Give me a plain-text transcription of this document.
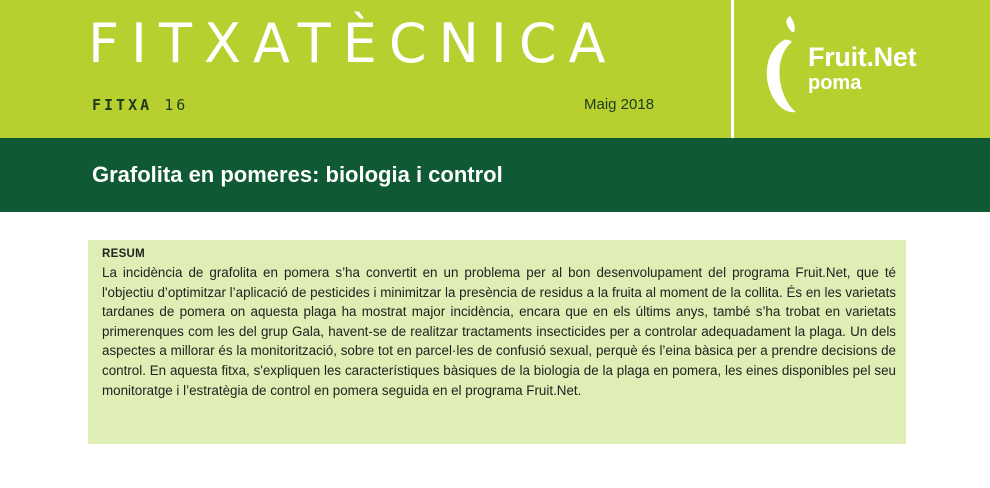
FITXATÈCNICA
FITXA 16	Maig 2018
Fruit.Net
poma
Grafolita en pomeres: biologia i control
RESUM

La incidència de grafolita en pomera s’ha convertit en un problema per al bon desenvolupament del programa Fruit.Net, que té l'objectiu d’optimitzar l’aplicació de pesticides i minimitzar la presència de residus a la fruita al moment de la collita. És en les varietats tardanes de pomera on aquesta plaga ha mostrat major incidència, encara que en els últims anys, també s’ha trobat en varietats primerenques com les del grup Gala, havent-se de realitzar tractaments insecticides per a controlar adequadament la plaga. Un dels aspectes a millorar és la monitorització, sobre tot en parcel·les de confusió sexual, perquè és l’eina bàsica per a prendre decisions de control. En aquesta fitxa, s'expliquen les característiques bàsiques de la biologia de la plaga en pomera, les eines disponibles pel seu monitoratge i l’estratègia de control en pomera seguida en el programa Fruit.Net.
